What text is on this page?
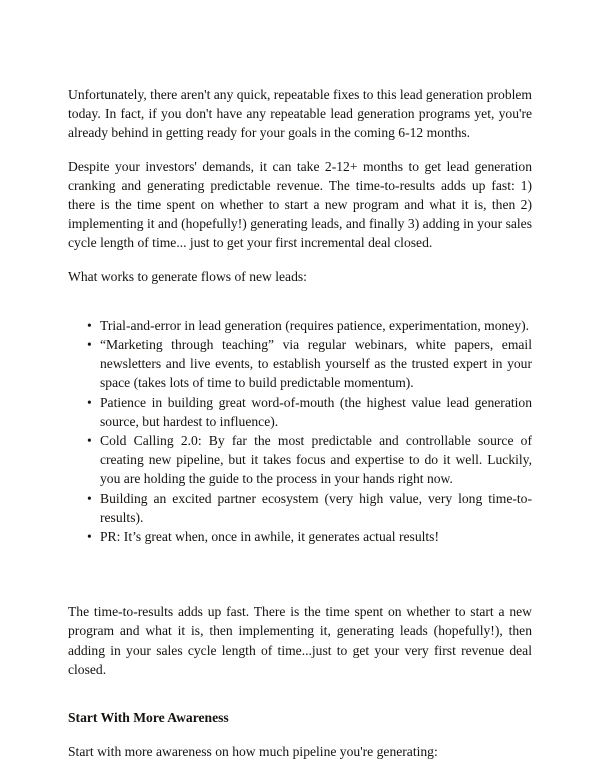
Unfortunately, there aren't any quick, repeatable fixes to this lead generation problem today. In fact, if you don't have any repeatable lead generation programs yet, you're already behind in getting ready for your goals in the coming 6-12 months.

Despite your investors' demands, it can take 2-12+ months to get lead generation cranking and generating predictable revenue. The time-to-results adds up fast: 1) there is the time spent on whether to start a new program and what it is, then 2) implementing it and (hopefully!) generating leads, and finally 3) adding in your sales cycle length of time... just to get your first incremental deal closed.

What works to generate flows of new leads:

• Trial-and-error in lead generation (requires patience, experimentation, money).
• “Marketing through teaching” via regular webinars, white papers, email newsletters and live events, to establish yourself as the trusted expert in your space (takes lots of time to build predictable momentum).
• Patience in building great word-of-mouth (the highest value lead generation source, but hardest to influence).
• Cold Calling 2.0: By far the most predictable and controllable source of creating new pipeline, but it takes focus and expertise to do it well. Luckily, you are holding the guide to the process in your hands right now.
• Building an excited partner ecosystem (very high value, very long time-to-results).
• PR: It’s great when, once in awhile, it generates actual results!

The time-to-results adds up fast. There is the time spent on whether to start a new program and what it is, then implementing it, generating leads (hopefully!), then adding in your sales cycle length of time...just to get your very first revenue deal closed.

Start With More Awareness

Start with more awareness on how much pipeline you're generating:
